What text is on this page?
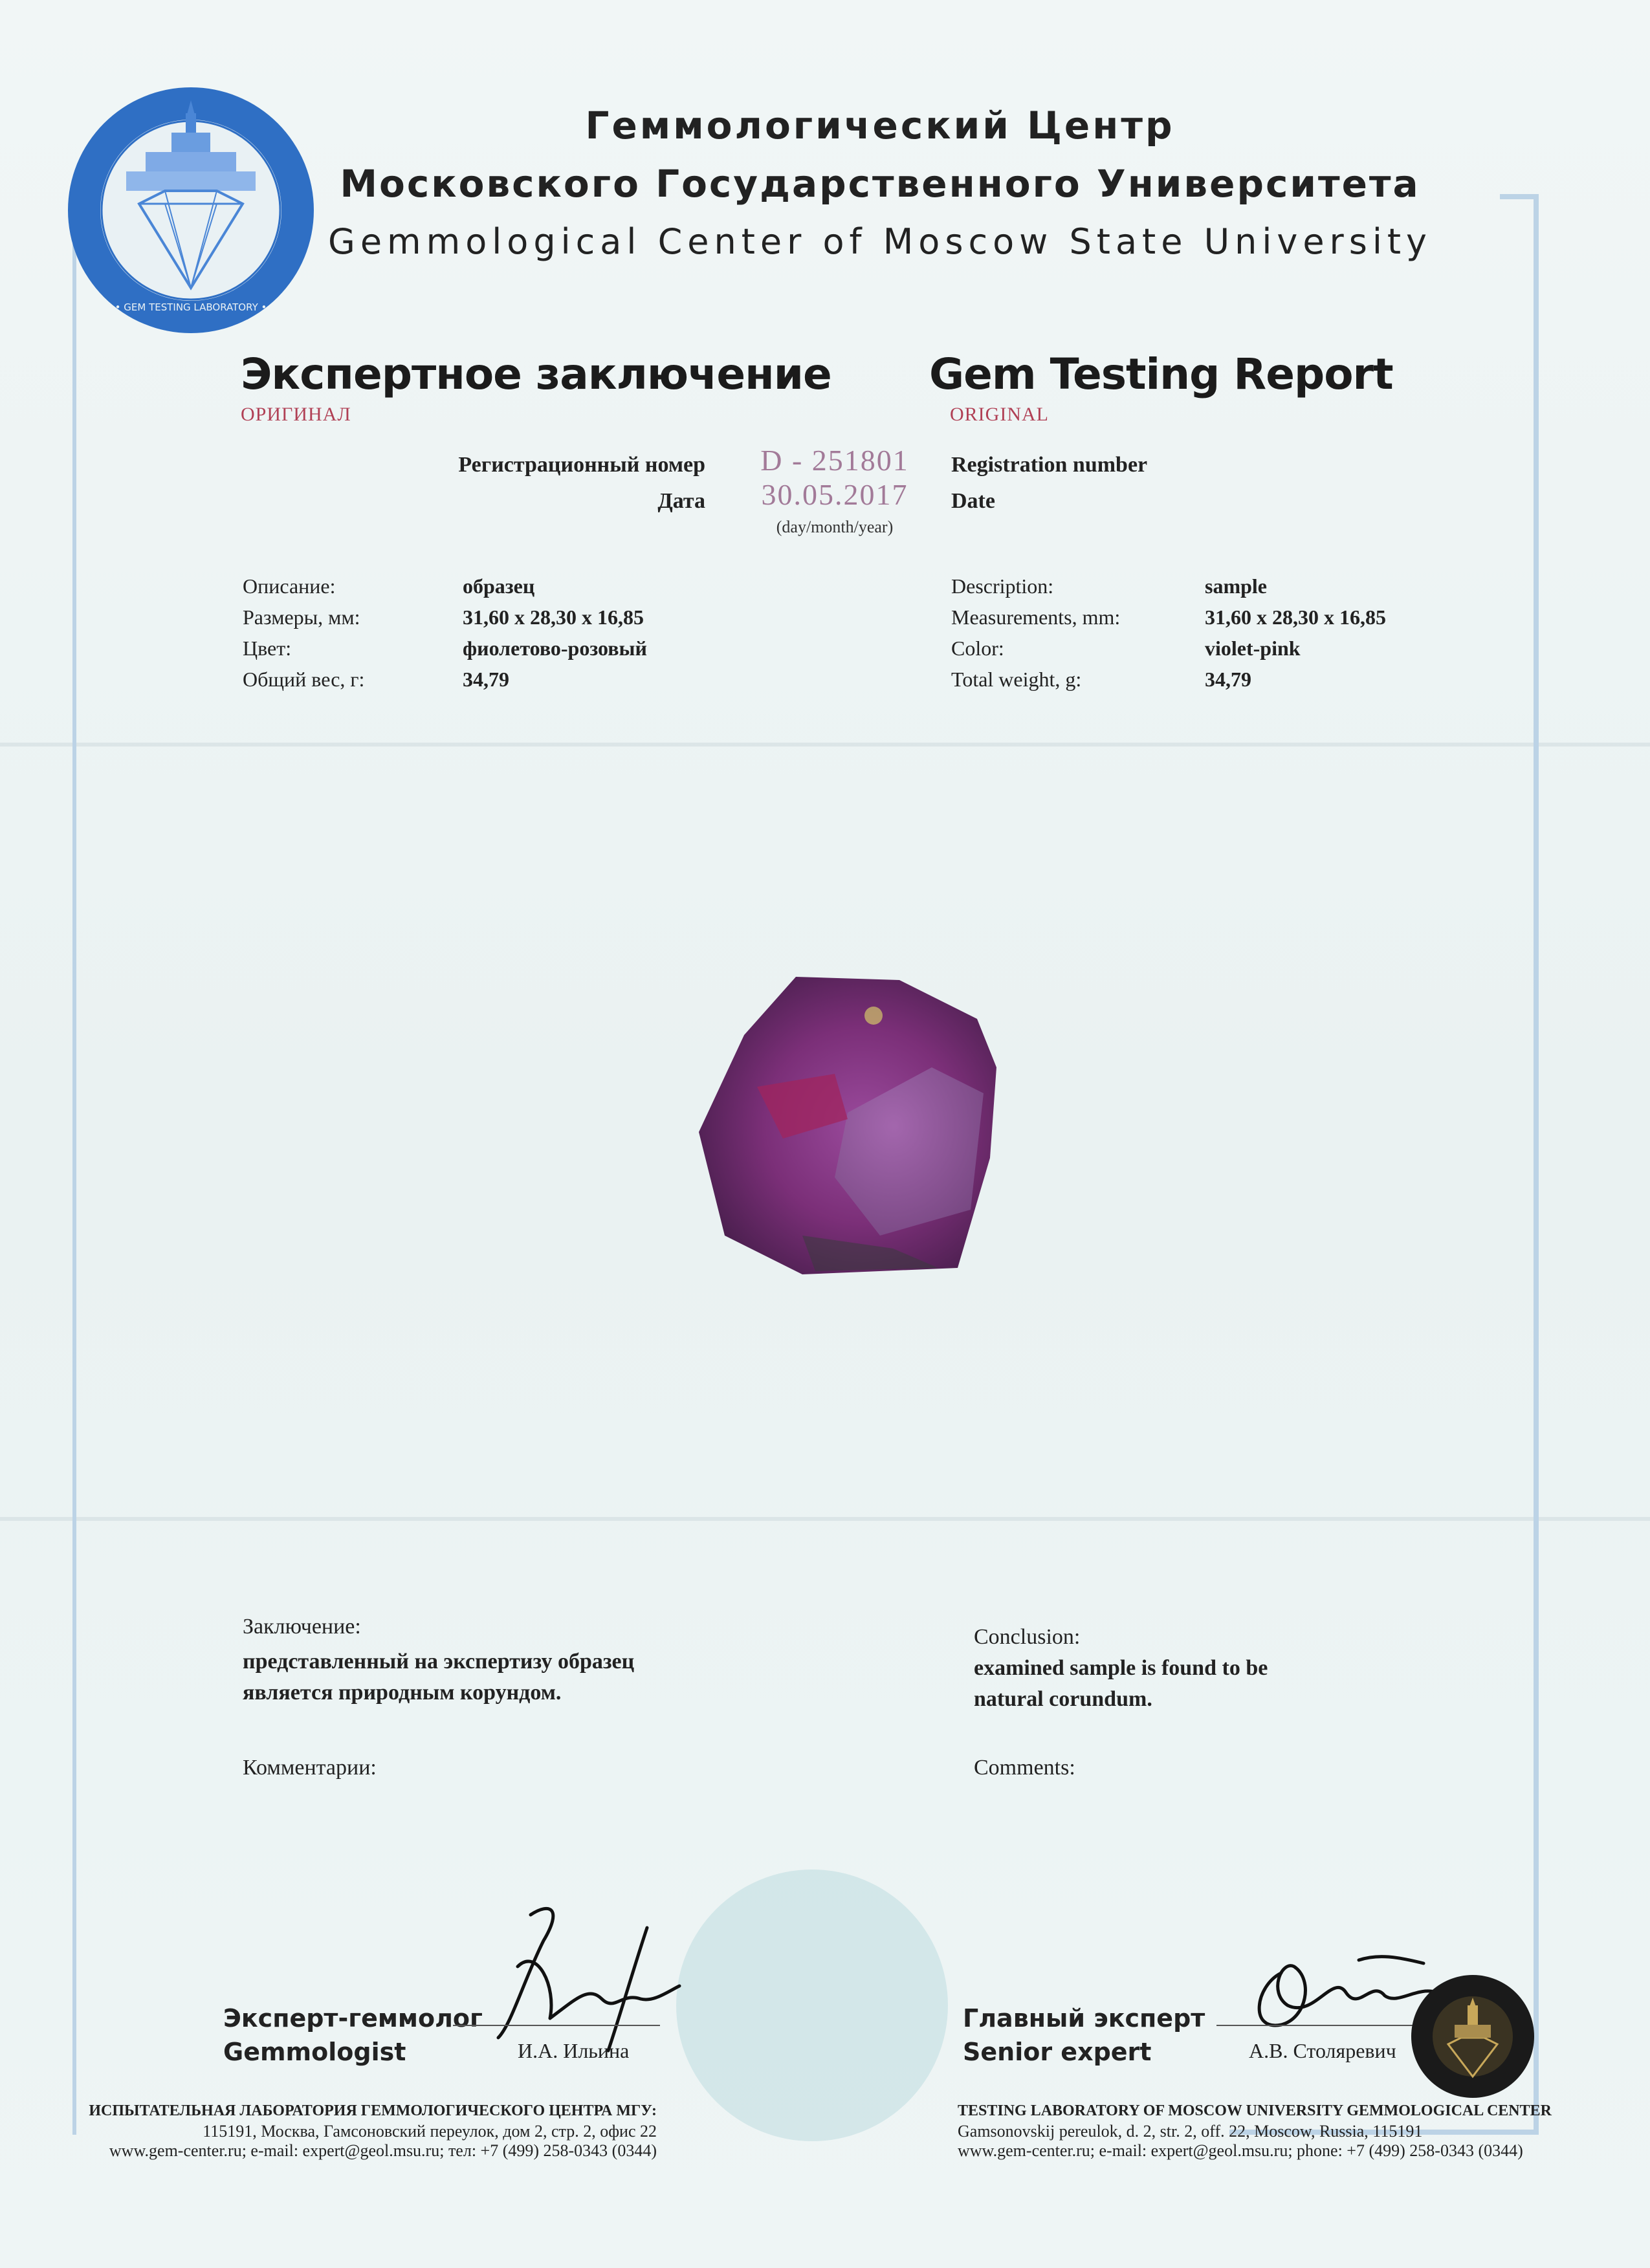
• GEM TESTING LABORATORY •
Геммологический Центр
Московского Государственного Университета
Gemmological Center of Moscow State University
Экспертное заключение
ОРИГИНАЛ
Gem Testing Report
ORIGINAL
Регистрационный номер	D - 251801	Registration number
Дата	30.05.2017	Date
(day/month/year)
Описание:	образец
Размеры, мм:	31,60 x 28,30 x 16,85
Цвет:	фиолетово-розовый
Общий вес, г:	34,79
Description:	sample
Measurements, mm:	31,60 x 28,30 x 16,85
Color:	violet-pink
Total weight, g:	34,79
Заключение:
представленный на экспертизу образец
является природным корундом.
Conclusion:
examined sample is found to be
natural corundum.
Комментарии:	Comments:
Эксперт-геммолог
Gemmologist	И.А. Ильина
Главный эксперт
Senior expert	А.В. Столяревич
ИСПЫТАТЕЛЬНАЯ ЛАБОРАТОРИЯ ГЕММОЛОГИЧЕСКОГО ЦЕНТРА МГУ:
115191, Москва, Гамсоновский переулок, дом 2, стр. 2, офис 22
www.gem-center.ru; e-mail: expert@geol.msu.ru; тел: +7 (499) 258-0343 (0344)
TESTING LABORATORY OF MOSCOW UNIVERSITY GEMMOLOGICAL CENTER
Gamsonovskij pereulok, d. 2, str. 2, off. 22, Moscow, Russia, 115191
www.gem-center.ru; e-mail: expert@geol.msu.ru; phone: +7 (499) 258-0343 (0344)
